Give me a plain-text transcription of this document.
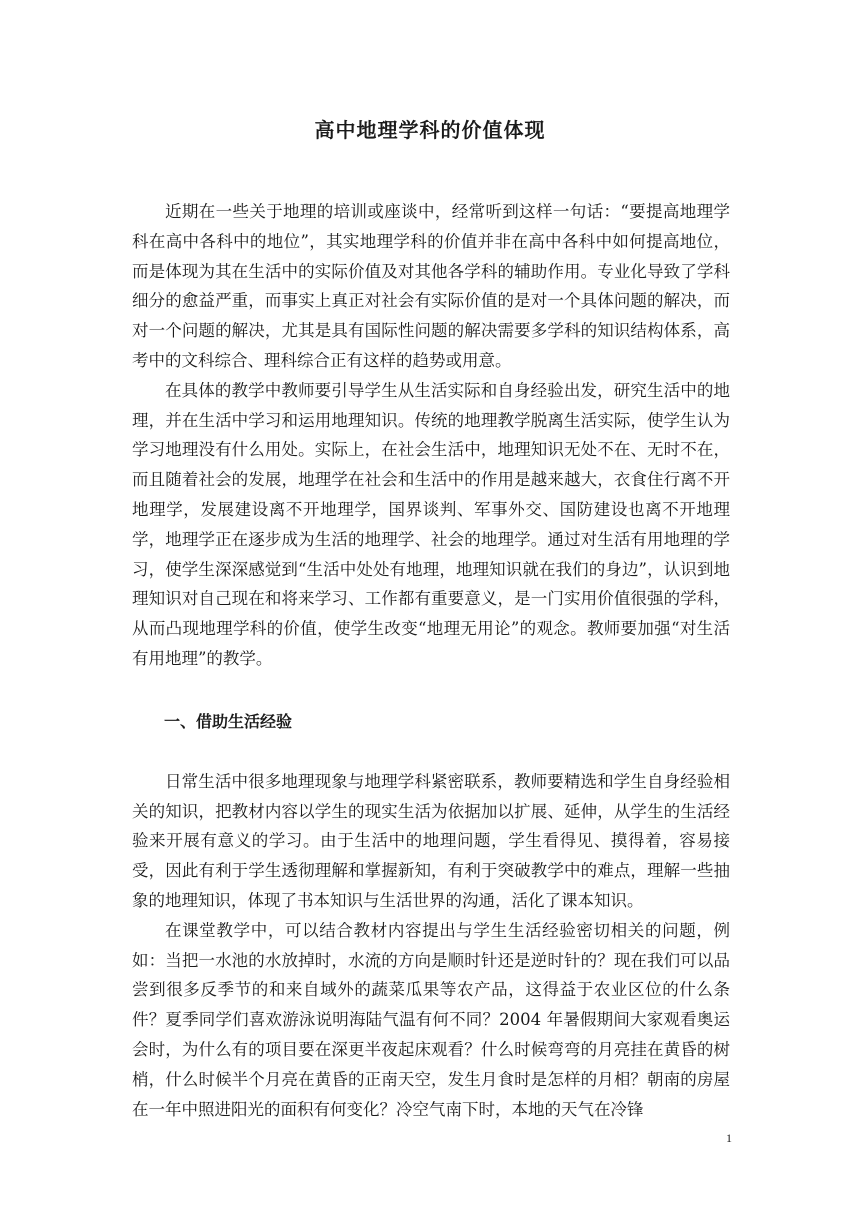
高中地理学科的价值体现

近期在一些关于地理的培训或座谈中，经常听到这样一句话：“要提高地理学科在高中各科中的地位”，其实地理学科的价值并非在高中各科中如何提高地位，而是体现为其在生活中的实际价值及对其他各学科的辅助作用。专业化导致了学科细分的愈益严重，而事实上真正对社会有实际价值的是对一个具体问题的解决，而对一个问题的解决，尤其是具有国际性问题的解决需要多学科的知识结构体系，高考中的文科综合、理科综合正有这样的趋势或用意。

在具体的教学中教师要引导学生从生活实际和自身经验出发，研究生活中的地理，并在生活中学习和运用地理知识。传统的地理教学脱离生活实际，使学生认为学习地理没有什么用处。实际上，在社会生活中，地理知识无处不在、无时不在，而且随着社会的发展，地理学在社会和生活中的作用是越来越大，衣食住行离不开地理学，发展建设离不开地理学，国界谈判、军事外交、国防建设也离不开地理学，地理学正在逐步成为生活的地理学、社会的地理学。通过对生活有用地理的学习，使学生深深感觉到“生活中处处有地理，地理知识就在我们的身边”，认识到地理知识对自己现在和将来学习、工作都有重要意义，是一门实用价值很强的学科，从而凸现地理学科的价值，使学生改变“地理无用论”的观念。教师要加强“对生活有用地理”的教学。

一、借助生活经验

日常生活中很多地理现象与地理学科紧密联系，教师要精选和学生自身经验相关的知识，把教材内容以学生的现实生活为依据加以扩展、延伸，从学生的生活经验来开展有意义的学习。由于生活中的地理问题，学生看得见、摸得着，容易接受，因此有利于学生透彻理解和掌握新知，有利于突破教学中的难点，理解一些抽象的地理知识，体现了书本知识与生活世界的沟通，活化了课本知识。

在课堂教学中，可以结合教材内容提出与学生生活经验密切相关的问题，例如：当把一水池的水放掉时，水流的方向是顺时针还是逆时针的？现在我们可以品尝到很多反季节的和来自域外的蔬菜瓜果等农产品，这得益于农业区位的什么条件？夏季同学们喜欢游泳说明海陆气温有何不同？2004 年暑假期间大家观看奥运会时，为什么有的项目要在深更半夜起床观看？什么时候弯弯的月亮挂在黄昏的树梢，什么时候半个月亮在黄昏的正南天空，发生月食时是怎样的月相？朝南的房屋在一年中照进阳光的面积有何变化？冷空气南下时，本地的天气在冷锋

1
